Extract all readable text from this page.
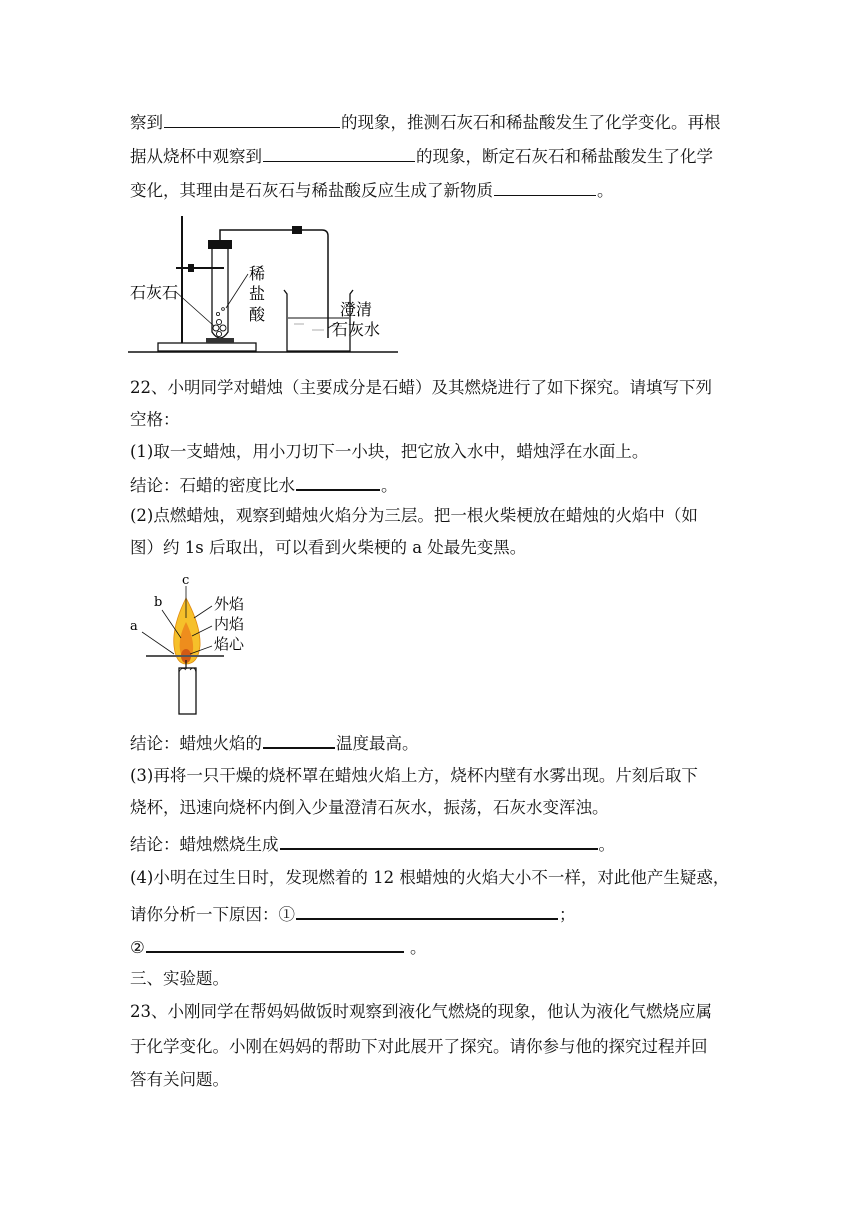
察到	的现象，推测石灰石和稀盐酸发生了化学变化。再根
据从烧杯中观察到	的现象，断定石灰石和稀盐酸发生了化学
变化，其理由是石灰石与稀盐酸反应生成了新物质	。
石灰石
稀
盐
酸	澄清
石灰水
22、小明同学对蜡烛（主要成分是石蜡）及其燃烧进行了如下探究。请填写下列
空格：
(1)取一支蜡烛，用小刀切下一小块，把它放入水中，蜡烛浮在水面上。
结论：石蜡的密度比水	。
(2)点燃蜡烛，观察到蜡烛火焰分为三层。把一根火柴梗放在蜡烛的火焰中（如
图）约 1s 后取出，可以看到火柴梗的 a 处最先变黑。
c
b
a
外焰
内焰
焰心
结论：蜡烛火焰的	温度最高。
(3)再将一只干燥的烧杯罩在蜡烛火焰上方，烧杯内壁有水雾出现。片刻后取下
烧杯，迅速向烧杯内倒入少量澄清石灰水，振荡，石灰水变浑浊。
结论：蜡烛燃烧生成	。
(4)小明在过生日时，发现燃着的 12 根蜡烛的火焰大小不一样，对此他产生疑惑，
请你分析一下原因：①	；
②	。
三、实验题。
23、小刚同学在帮妈妈做饭时观察到液化气燃烧的现象，他认为液化气燃烧应属
于化学变化。小刚在妈妈的帮助下对此展开了探究。请你参与他的探究过程并回
答有关问题。
